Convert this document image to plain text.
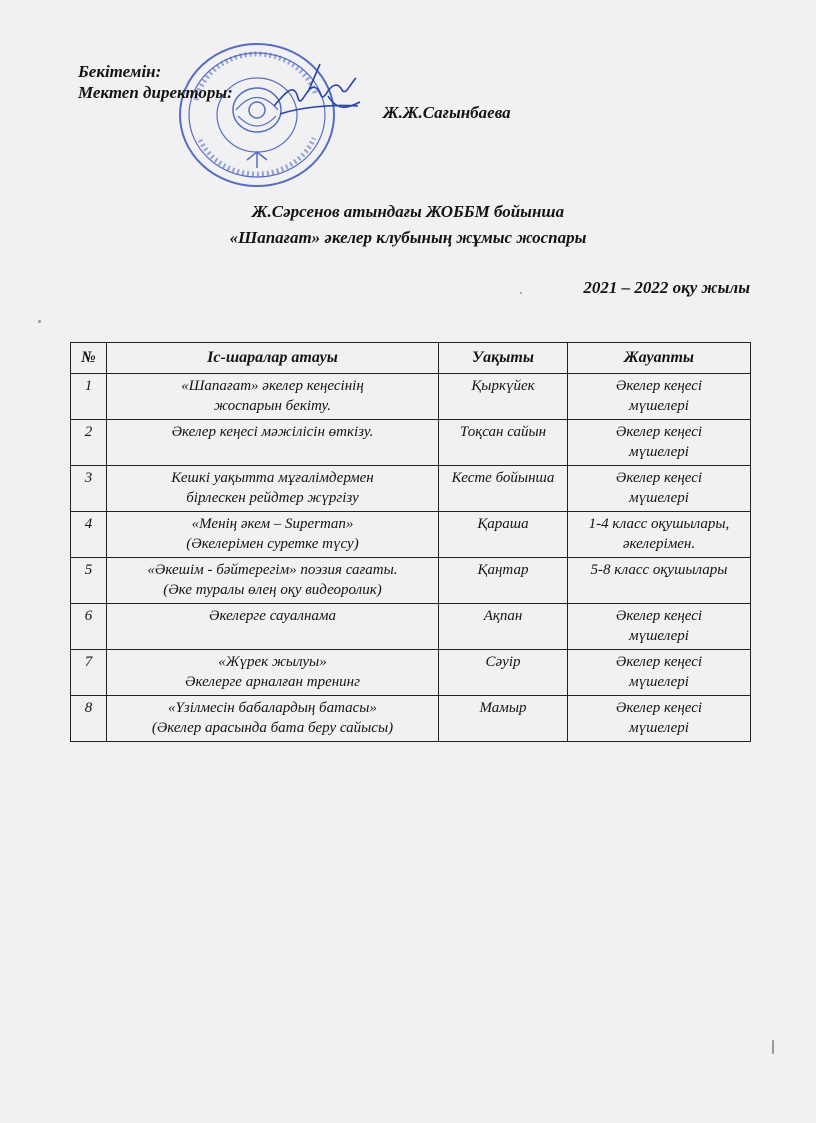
Бекітемін:
Мектеп директоры:
Ж.Ж.Сағынбаева
Ж.Сәрсенов атындағы ЖОББМ бойынша
«Шапағат» әкелер клубының жұмыс жоспары
2021 – 2022 оқу жылы
№	Іс-шаралар атауы	Уақыты	Жауапты
1	«Шапағат» әкелер кеңесінің
жоспарын бекіту.	Қыркүйек	Әкелер кеңесі
мүшелері

2	Әкелер кеңесі мәжілісін өткізу.	Тоқсан сайын	Әкелер кеңесі
мүшелері

3	Кешкі уақытта мұғалімдермен
бірлескен рейдтер жүргізу	Кесте бойынша	Әкелер кеңесі
мүшелері

4	«Менің әкем – Superman»
(Әкелерімен суретке түсу)	Қараша	1-4 класс оқушылары,
әкелерімен.

5	«Әкешім - бәйтерегім» поэзия сағаты.
(Әке туралы өлең оқу видеоролик)	Қаңтар	5-8 класс оқушылары

6	Әкелерге сауалнама	Ақпан	Әкелер кеңесі
мүшелері

7	«Жүрек жылуы»
Әкелерге арналған тренинг	Сәуір	Әкелер кеңесі
мүшелері

8	«Үзілмесін бабалардың батасы»
(Әкелер арасында бата беру сайысы)	Мамыр	Әкелер кеңесі
мүшелері
